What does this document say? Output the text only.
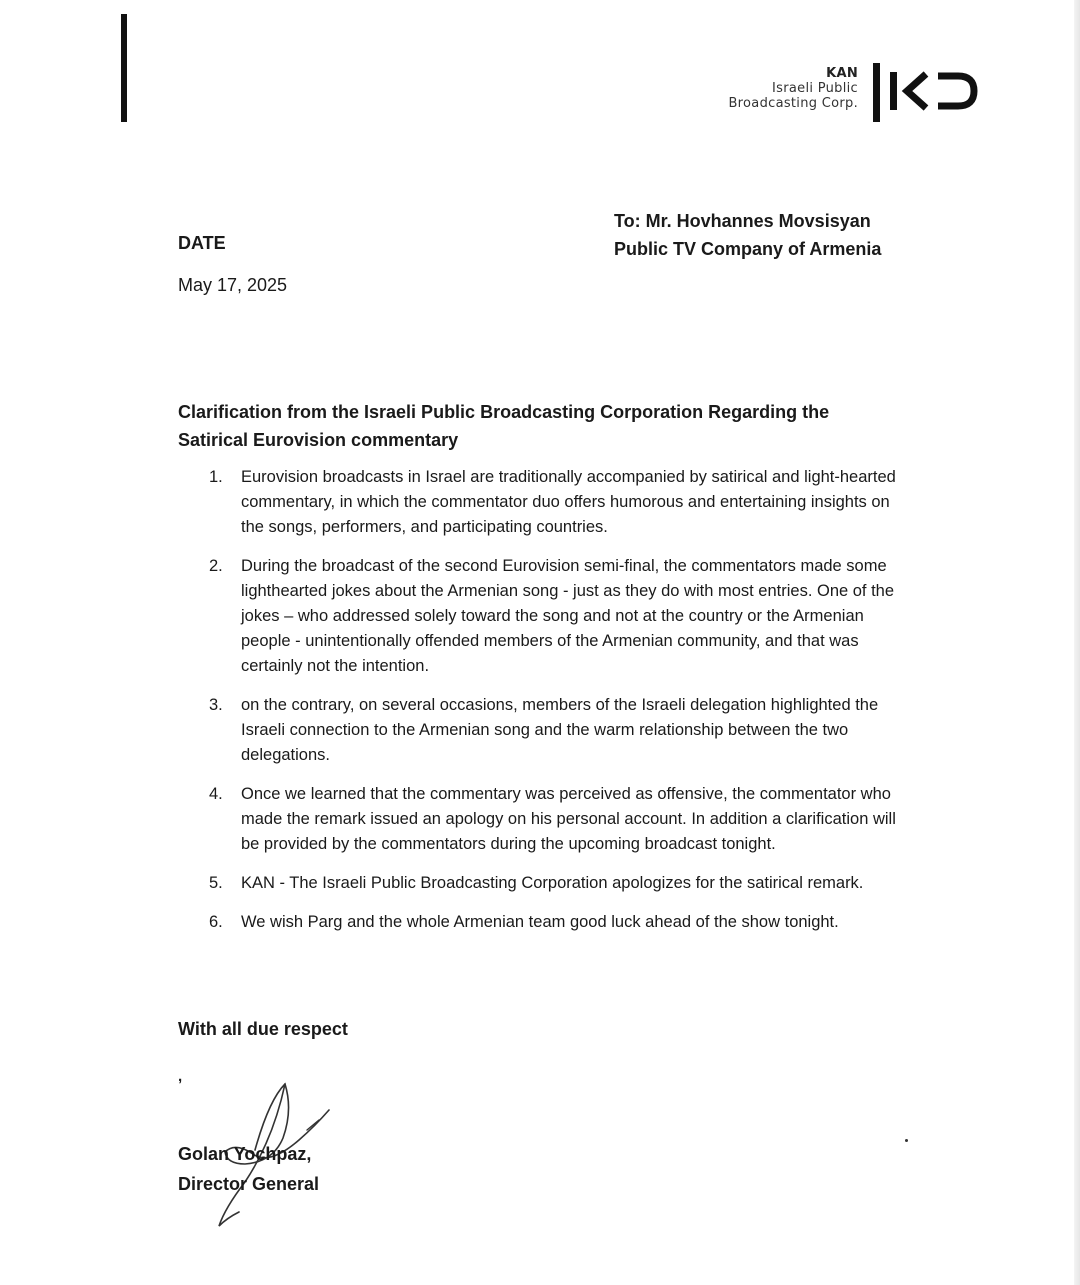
KAN
Israeli Public
Broadcasting Corp.
To: Mr. Hovhannes Movsisyan
Public TV Company of Armenia
DATE
May 17, 2025
Clarification from the Israeli Public Broadcasting Corporation Regarding the Satirical Eurovision commentary
1. Eurovision broadcasts in Israel are traditionally accompanied by satirical and light-hearted commentary, in which the commentator duo offers humorous and entertaining insights on the songs, performers, and participating countries.
2. During the broadcast of the second Eurovision semi-final, the commentators made some lighthearted jokes about the Armenian song - just as they do with most entries. One of the jokes – who addressed solely toward the song and not at the country or the Armenian people - unintentionally offended members of the Armenian community, and that was certainly not the intention.
3. on the contrary, on several occasions, members of the Israeli delegation highlighted the Israeli connection to the Armenian song and the warm relationship between the two delegations.
4. Once we learned that the commentary was perceived as offensive, the commentator who made the remark issued an apology on his personal account. In addition a clarification will be provided by the commentators during the upcoming broadcast tonight.
5. KAN - The Israeli Public Broadcasting Corporation apologizes for the satirical remark.
6. We wish Parg and the whole Armenian team good luck ahead of the show tonight.
With all due respect
,
Golan Yochpaz,
Director General
